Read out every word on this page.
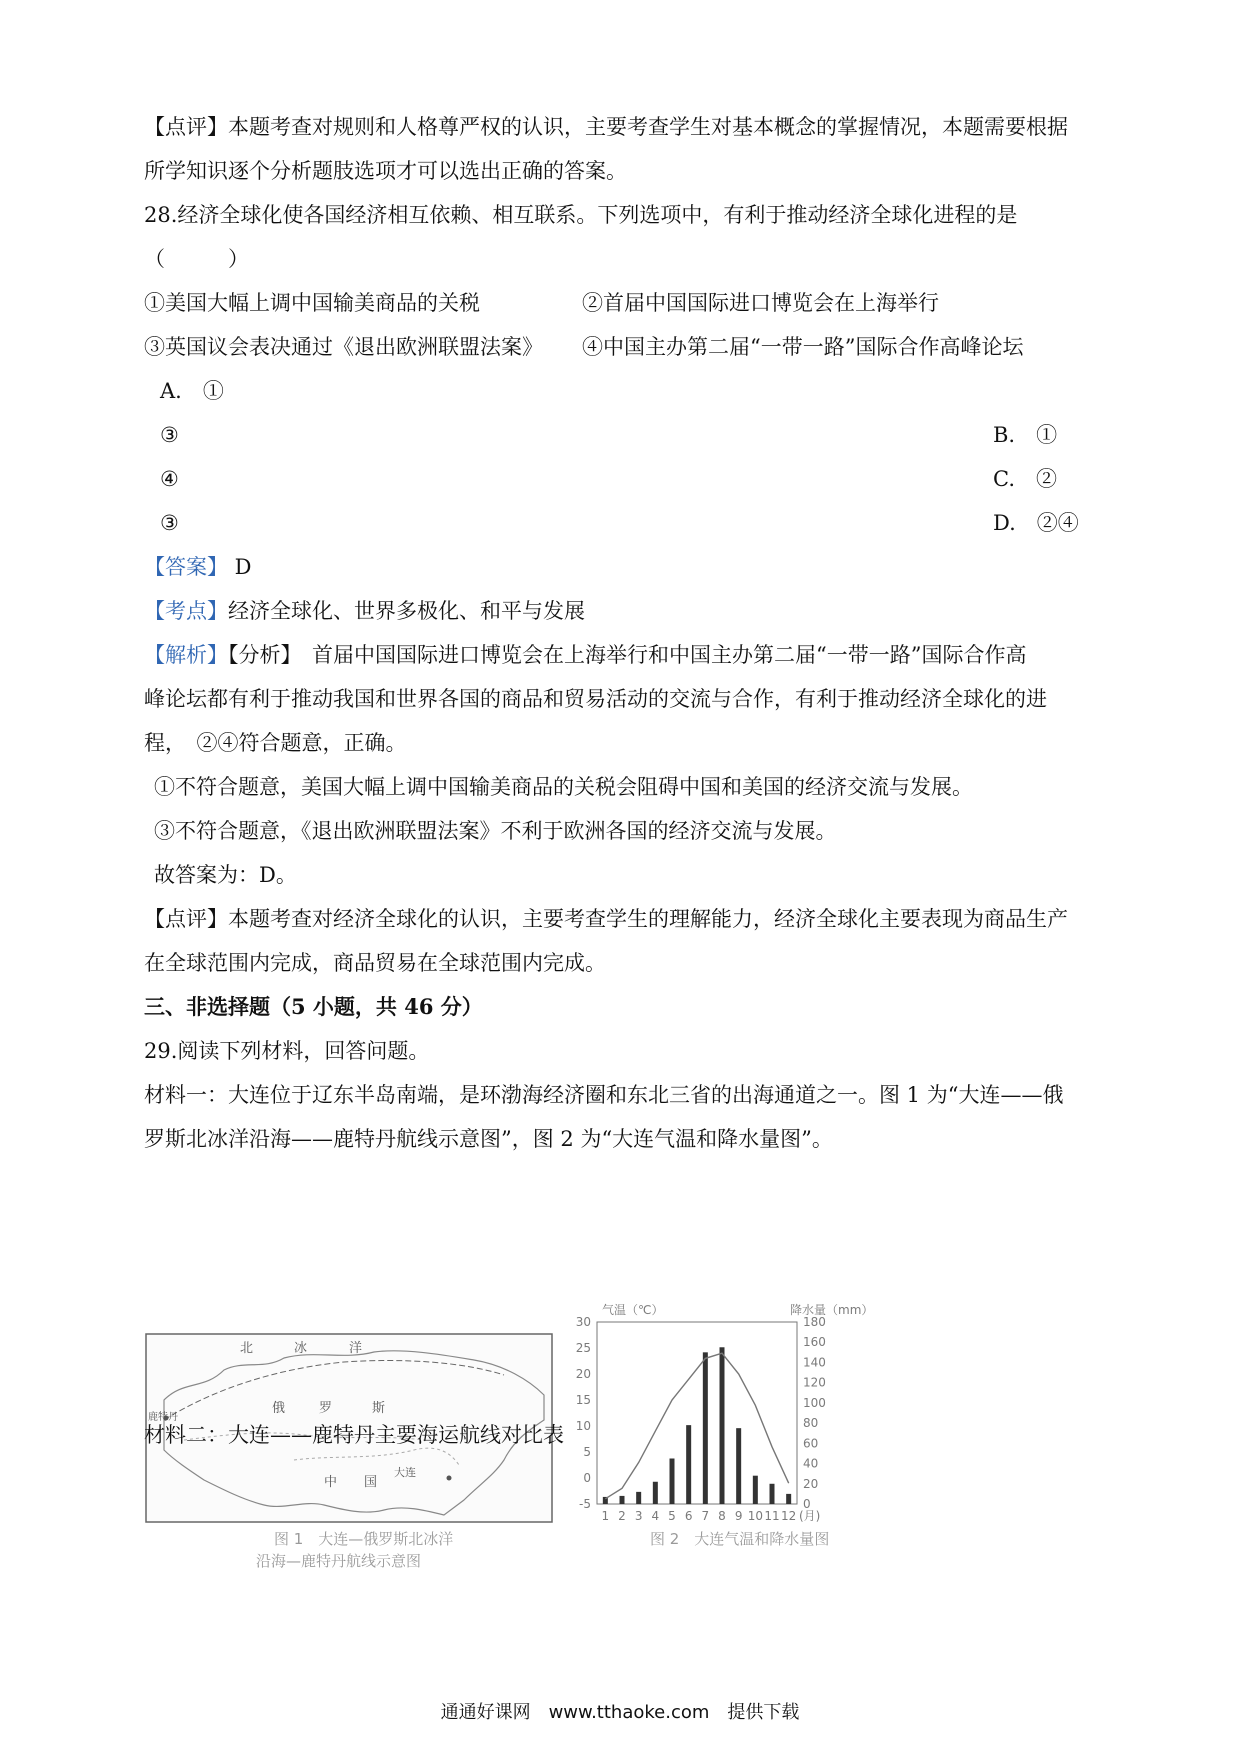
【点评】本题考查对规则和人格尊严权的认识，主要考查学生对基本概念的掌握情况，本题需要根据
所学知识逐个分析题肢选项才可以选出正确的答案。
28.经济全球化使各国经济相互依赖、相互联系。下列选项中，有利于推动经济全球化进程的是
（　　　）
①美国大幅上调中国输美商品的关税	②首届中国国际进口博览会在上海举行
③英国议会表决通过《退出欧洲联盟法案》 ④中国主办第二届“一带一路”国际合作高峰论坛
A.　①
③	B.　①
④	C.　②
③	D.　②④
【答案】 D
【考点】经济全球化、世界多极化、和平与发展
【解析】【分析】　首届中国国际进口博览会在上海举行和中国主办第二届“一带一路”国际合作高
峰论坛都有利于推动我国和世界各国的商品和贸易活动的交流与合作，有利于推动经济全球化的进
程，　②④符合题意，正确。
①不符合题意，美国大幅上调中国输美商品的关税会阻碍中国和美国的经济交流与发展。
③不符合题意，《退出欧洲联盟法案》不利于欧洲各国的经济交流与发展。
故答案为：D。
【点评】本题考查对经济全球化的认识，主要考查学生的理解能力，经济全球化主要表现为商品生产
在全球范围内完成，商品贸易在全球范围内完成。
三、非选择题（5 小题，共 46 分）
29.阅读下列材料，回答问题。
材料一：大连位于辽东半岛南端，是环渤海经济圈和东北三省的出海通道之一。图 1 为“大连——俄
罗斯北冰洋沿海——鹿特丹航线示意图”，图 2 为“大连气温和降水量图”。
北	冰	洋
俄	罗	斯
鹿特丹
中 国
大连
图 1　大连—俄罗斯北冰洋
沿海—鹿特丹航线示意图
气温（℃）	降水量（mm）
30
25
20
15
10
5
0
-5
180
160
140
120
100
80
60
40
20
0
1 2 3 4 5 6 7 8 9 10 11 12 (月)
图 2　大连气温和降水量图
材料二：大连——鹿特丹主要海运航线对比表
通通好课网　www.tthaoke.com　提供下载
